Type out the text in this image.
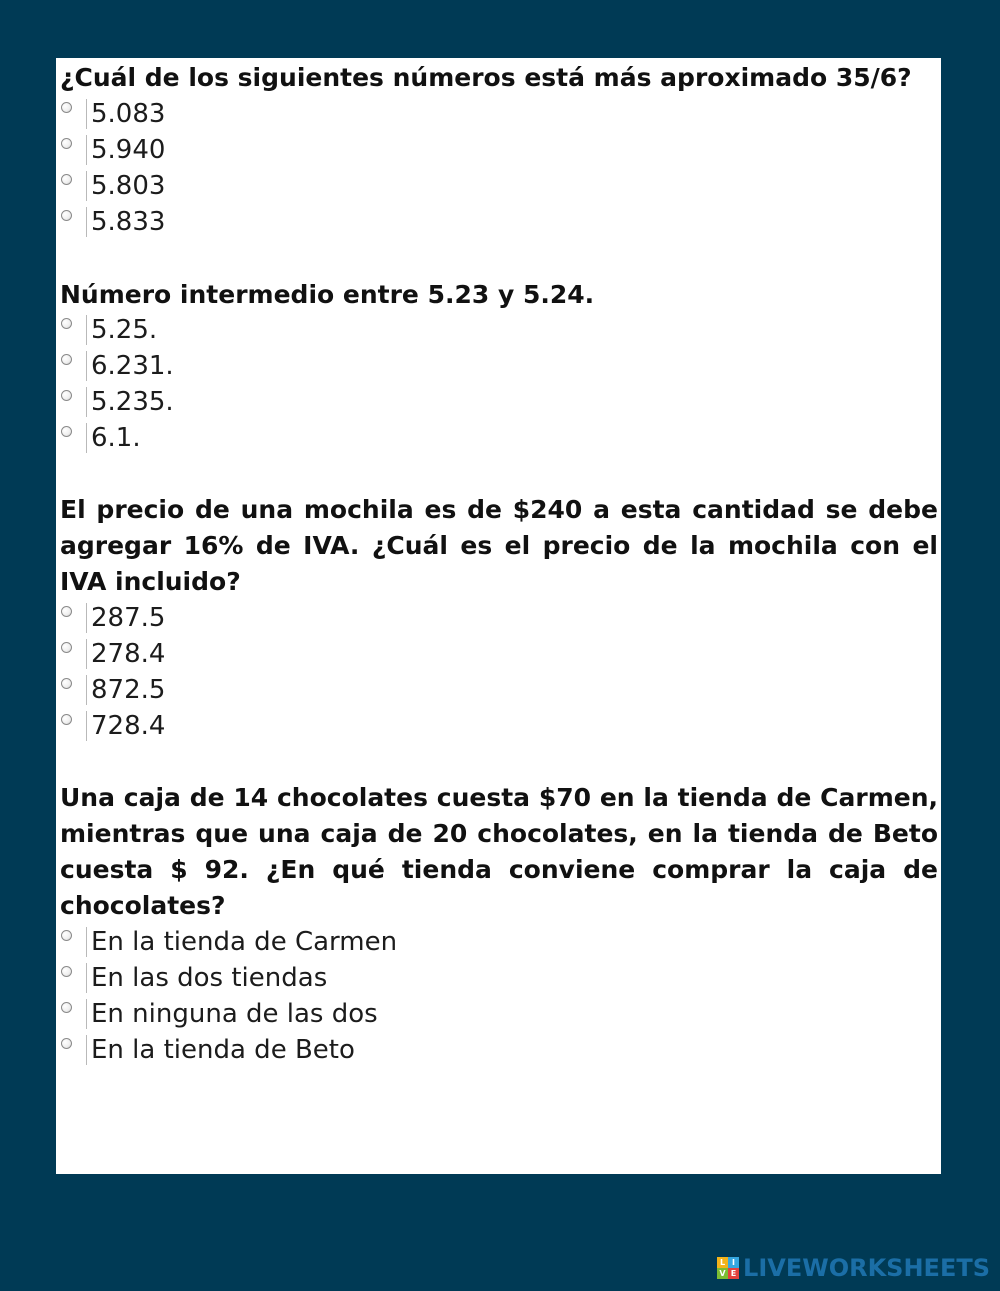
¿Cuál de los siguientes números está más aproximado 35/6?

5.083
5.940
5.803
5.833

Número intermedio entre 5.23 y 5.24.

5.25.
6.231.
5.235.
6.1.

El precio de una mochila es de $240 a esta cantidad se debe agregar 16% de IVA. ¿Cuál es el precio de la mochila con el IVA incluido?

287.5
278.4
872.5
728.4

Una caja de 14 chocolates cuesta $70 en la tienda de Carmen, mientras que una caja de 20 chocolates, en la tienda de Beto cuesta $ 92. ¿En qué tienda conviene comprar la caja de chocolates?

En la tienda de Carmen
En las dos tiendas
En ninguna de las dos
En la tienda de Beto
L I
V E LIVEWORKSHEETS
